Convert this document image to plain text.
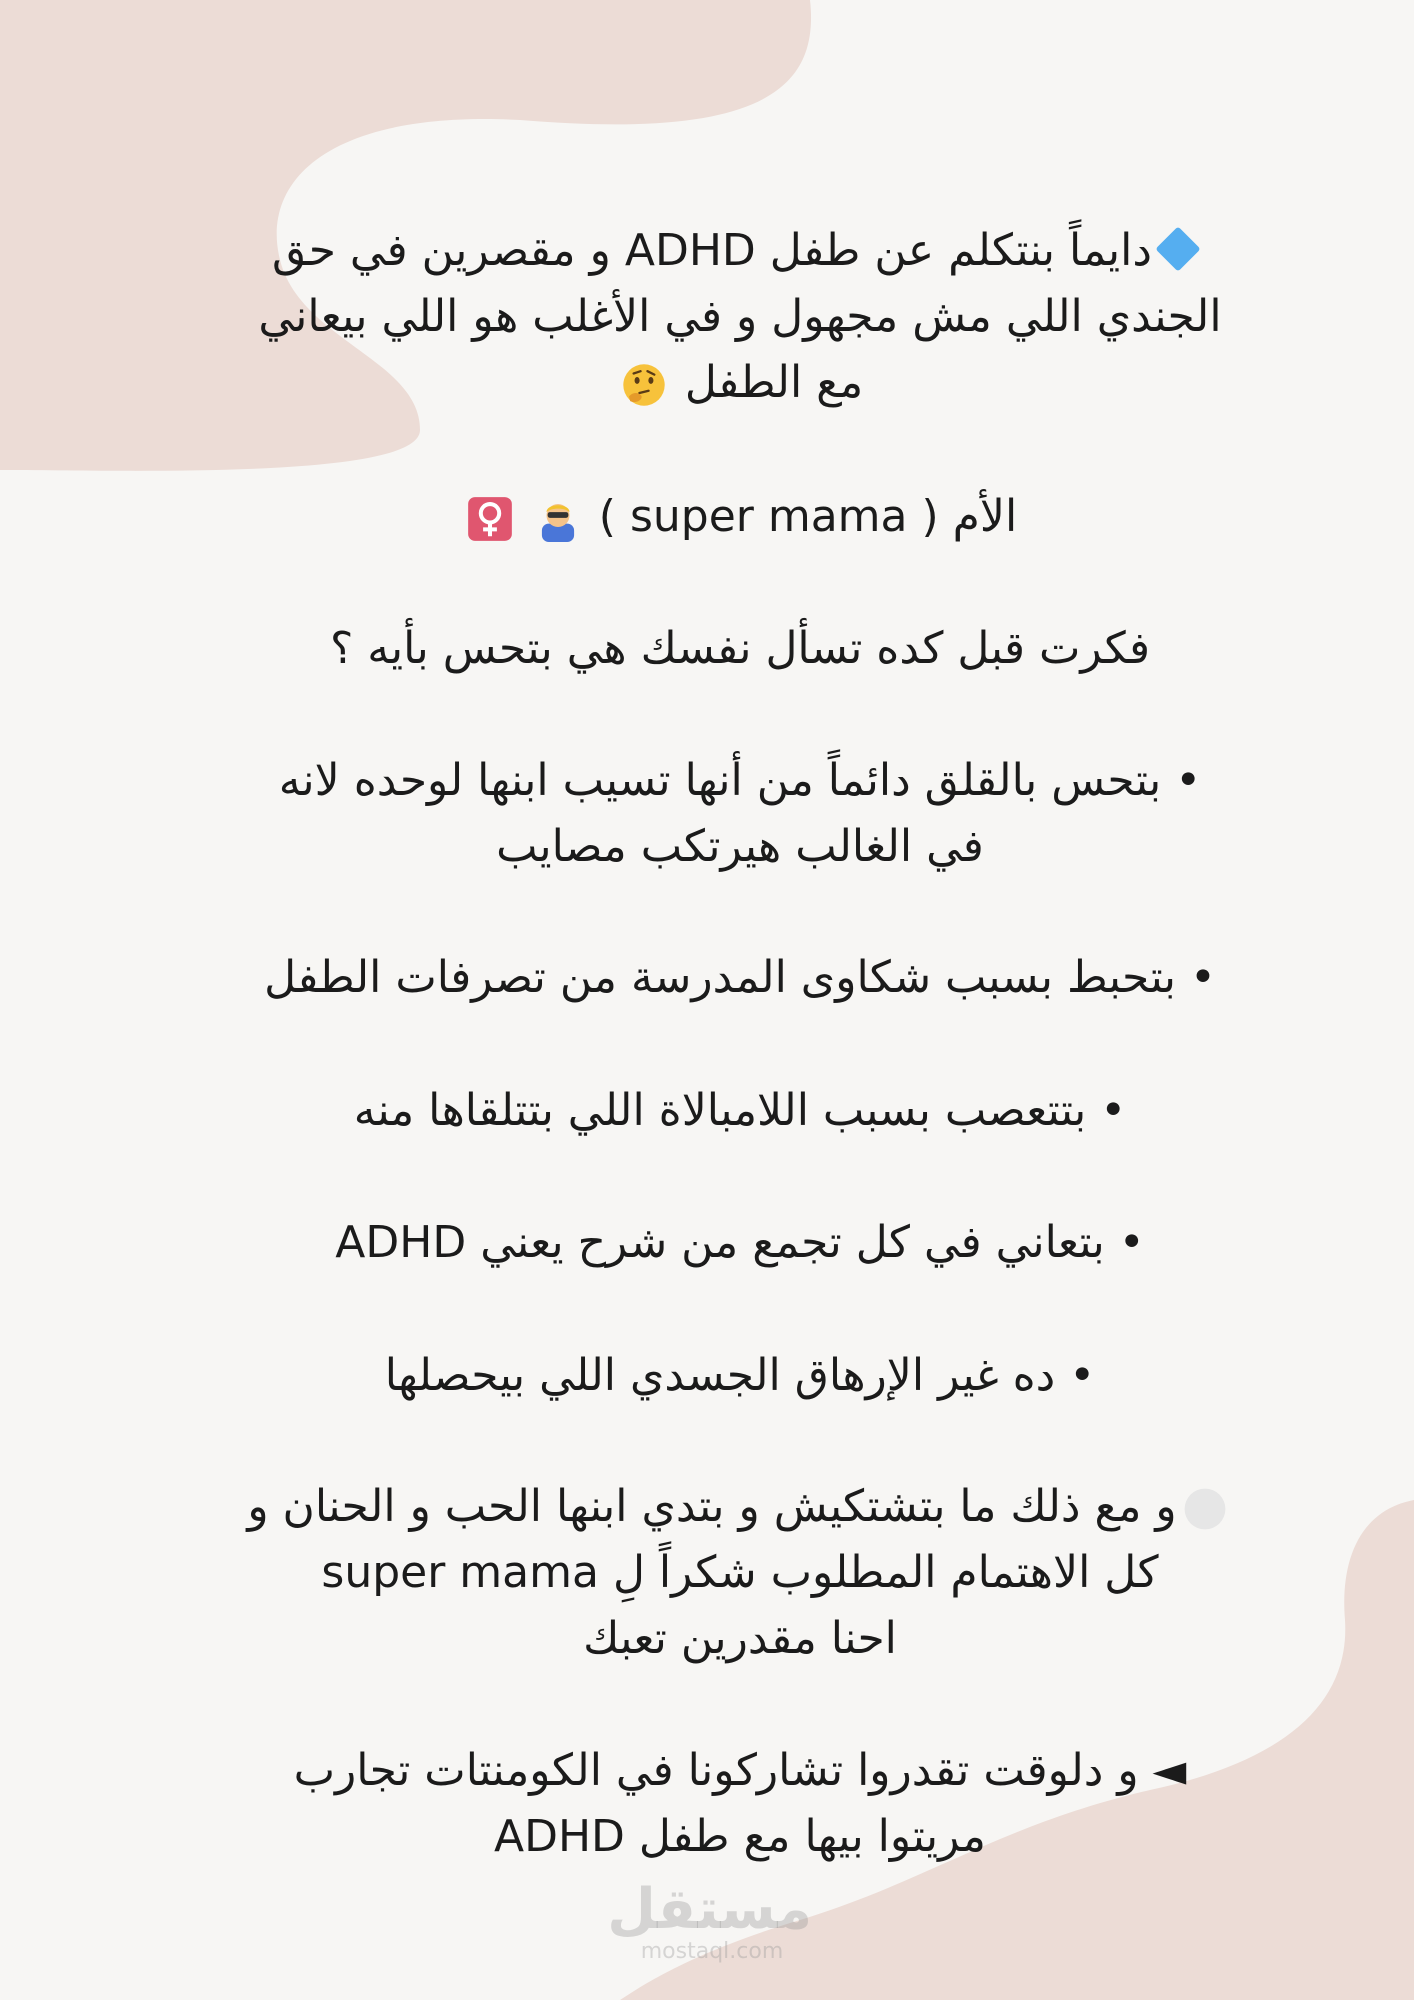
دايماً بنتكلم عن طفل ADHD و مقصرين في حق
الجندي اللي مش مجهول و في الأغلب هو اللي بيعاني
مع الطفل
الأم ( super mama )
فكرت قبل كده تسأل نفسك هي بتحس بأيه ؟
• بتحس بالقلق دائماً من أنها تسيب ابنها لوحده لانه
في الغالب هيرتكب مصايب
• بتحبط بسبب شكاوى المدرسة من تصرفات الطفل
• بتتعصب بسبب اللامبالاة اللي بتتلقاها منه
• بتعاني في كل تجمع من شرح يعني ADHD
• ده غير الإرهاق الجسدي اللي بيحصلها
و مع ذلك ما بتشتكيش و بتدي ابنها الحب و الحنان و
كل الاهتمام المطلوب شكراً لِ super mama
احنا مقدرين تعبك
◄ و دلوقت تقدروا تشاركونا في الكومنتات تجارب
مريتوا بيها مع طفل ADHD
مستقل
mostaql.com
